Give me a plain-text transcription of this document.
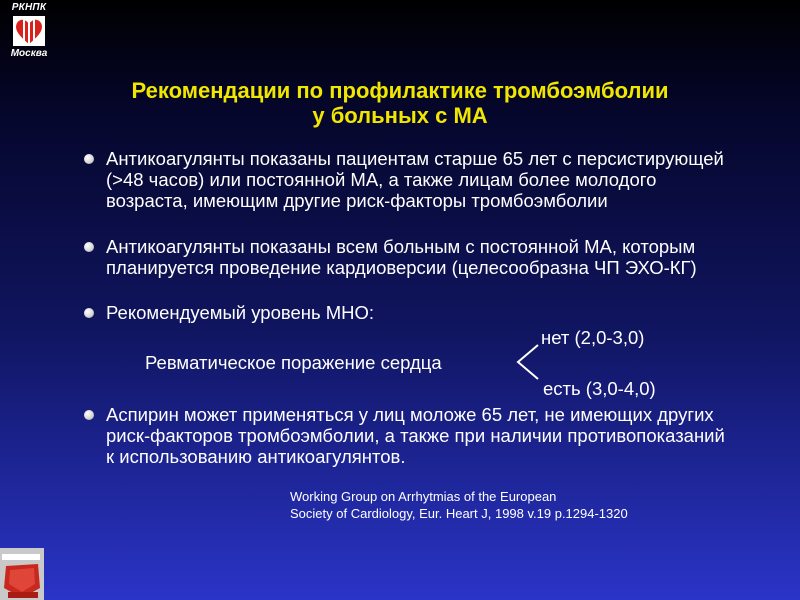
РКНПК
Москва
Рекомендации по профилактике тромбоэмболии
у больных с МА
Антикоагулянты показаны пациентам старше 65 лет с персистирующей (>48 часов) или постоянной МА, а также лицам более молодого возраста, имеющим другие риск-факторы тромбоэмболии
Антикоагулянты показаны всем больным с постоянной МА, которым планируется проведение кардиоверсии (целесообразна ЧП ЭХО-КГ)
Рекомендуемый уровень МНО:
Аспирин может применяться у лиц моложе 65 лет, не имеющих других риск-факторов тромбоэмболии, а также при наличии противопоказаний к использованию антикоагулянтов.
нет (2,0-3,0)
Ревматическое поражение сердца
есть (3,0-4,0)
Working Group on Arrhytmias of the European
Society of Cardiology, Eur. Heart J, 1998 v.19 p.1294-1320
